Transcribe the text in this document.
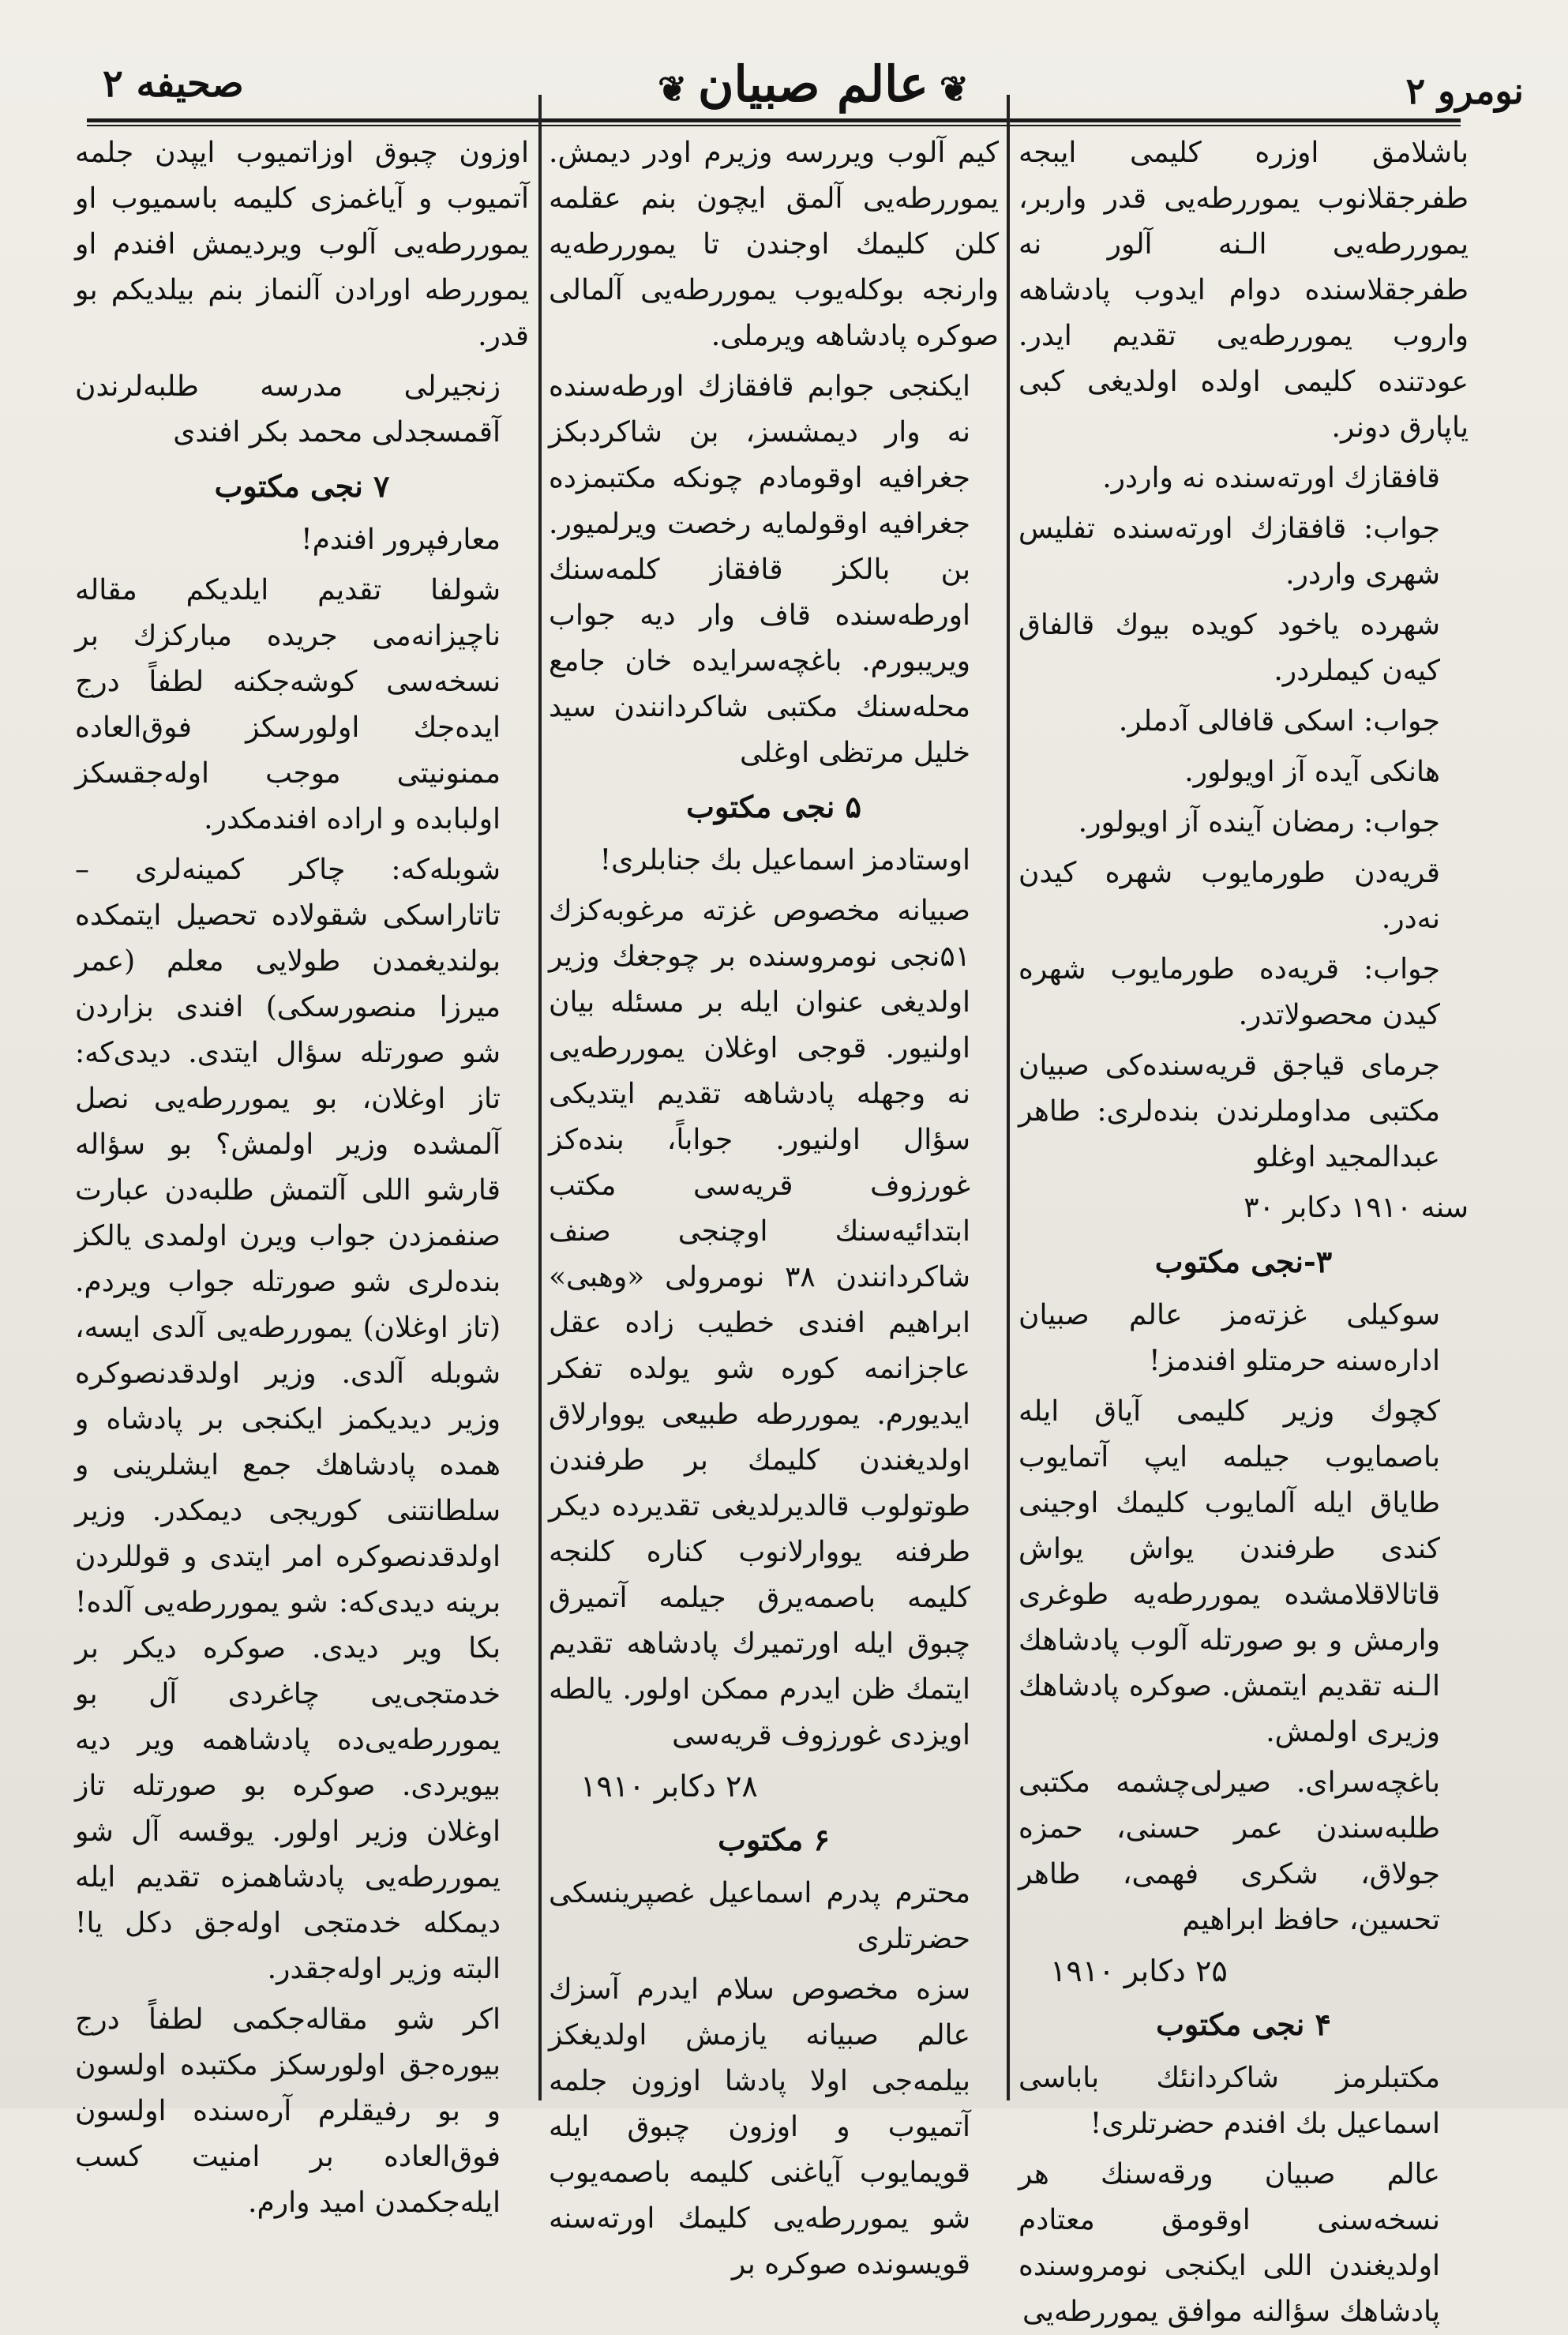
نومرو ۲
❦عالم صبيان❦
صحيفه ۲

باشلامق اوزره كليمى ايبجه طفرجقلانوب يموررطه‌يى قدر واربر، يموررطه‌يى الـنه آلور نه طفرجقلاسنده دوام ايدوب پادشاهه واروب يموررطه‌يى تقديم ايدر. عودتنده كليمى اولده اولديغى كبى ياپارق دونر.

قافقازك اورته‌سنده نه واردر.

جواب: قافقازك اورته‌سنده تفليس شهرى واردر.

شهرده ياخود كويده بيوك قالفاق كيەن كيملردر.

جواب: اسكى قافالى آدملر.

هانكى آيده آز اويولور.

جواب: رمضان آينده آز اويولور.

قريه‌دن طورمايوب شهره كيدن نه‌در.

جواب: قريه‌ده طورمايوب شهره كيدن محصولاتدر.

جرماى قياجق قريه‌سنده‌كى صبيان مكتبى مداوملرندن بنده‌لرى: طاهر عبدالمجيد اوغلو

سنه ۱۹۱۰ دكابر ۳۰

۳-نجى مكتوب

سوكيلى غزته‌مز عالم صبيان اداره‌سنه حرمتلو افندمز!

كچوك وزير كليمى آياق ايله باصمايوب جيلمه ايپ آتمايوب طاياق ايله آلمايوب كليمك اوجينى كندى طرفندن يواش يواش قاتالاقلامشده يموررطه‌يه طوغرى وارمش و بو صورتله آلوب پادشاهك الـنه تقديم ايتمش. صوكره پادشاهك وزيرى اولمش.

باغچه‌سراى. صيرلى‌چشمه مكتبى طلبه‌سندن عمر حسنى، حمزه جولاق، شكرى فهمى، طاهر تحسين، حافظ ابراهيم

۲۵ دكابر ۱۹۱۰

۴ نجى مكتوب

مكتبلرمز شاكردانئك باباسى اسماعيل بك افندم حضرتلرى!

عالم صبيان ورقه‌سنك هر نسخه‌سنى اوقومق معتادم اولديغندن اللى ايكنجى نومروسنده پادشاهك سؤالنه موافق يموررطه‌يى

كيم آلوب ويررسه وزيرم اودر ديمش. يموررطه‌يى آلمق ايچون بنم عقلمه كلن كليمك اوجندن تا يموررطه‌يه وارنجه بوكله‌يوب يموررطه‌يى آلمالى صوكره پادشاهه ويرملى.

ايكنجى جوابم قافقازك اورطه‌سنده نه وار ديمشسز، بن شاكردبكز جغرافيه اوقومادم چونكه مكتبمزده جغرافيه اوقولمايه رخصت ويرلميور. بن بالكز قافقاز كلمه‌سنك اورطه‌سنده قاف وار ديه جواب ويريبورم. باغچه‌سرايده خان جامع محله‌سنك مكتبى شاكردانندن سيد خليل مرتظى اوغلى

۵ نجى مكتوب

اوستادمز اسماعيل بك جنابلرى!

صبيانه مخصوص غزته مرغوبه‌كزك ۵۱نجى نومروسنده بر چوجغك وزير اولديغى عنوان ايله بر مسئله بيان اولنيور. قوجى اوغلان يموررطه‌يى نه وجهله پادشاهه تقديم ايتديكى سؤال اولنيور. جواباً، بنده‌كز غورزوف قريه‌سى مكتب ابتدائيه‌سنك اوچنجى صنف شاكردانندن ۳۸ نومرولى «وهبى» ابراهيم افندى خطيب زاده عقل عاجزانمه كوره شو يولده تفكر ايديورم. يموررطه طبيعى يووارلاق اولديغندن كليمك بر طرفندن طوتولوب قالديرلديغى تقديرده ديكر طرفنه يووارلانوب كناره كلنجه كليمه باصمه‌يرق جيلمه آتميرق چبوق ايله اورتميرك پادشاهه تقديم ايتمك ظن ايدرم ممكن اولور. يالطه اويزدى غورزوف قريه‌سى

۲۸ دكابر ۱۹۱۰

۶ مكتوب

محترم پدرم اسماعيل غصپرينسكى حضرتلرى

سزه مخصوص سلام ايدرم آسزك عالم صبيانه يازمش اولديغكز بيلمه‌جى اولا پادشا اوزون جلمه آتميوب و اوزون چبوق ايله قويمايوب آياغنى كليمه باصمه‌يوب شو يموررطه‌يى كليمك اورته‌سنه قويسونده صوكره بر

اوزون چبوق اوزاتميوب ايپدن جلمه آتميوب و آياغمزى كليمه باسميوب او يموررطه‌يى آلوب ويرديمش افندم او يموررطه اورادن آلنماز بنم بيلديكم بو قدر.

زنجيرلى مدرسه طلبه‌لرندن آقمسجدلى محمد بكر افندى

۷ نجى مكتوب

معارفپرور افندم!

شولفا تقديم ايلديكم مقاله ناچيزانه‌مى جريده مباركزك بر نسخه‌سى كوشه‌جكنه لطفاً درج ايده‌جك اولورسكز فوق‌العاده ممنونيتى موجب اوله‌جقسكز اولبابده و اراده افندمكدر.

شوبله‌كه: چاكر كمينه‌لرى – تاتاراسكى شقولاده تحصيل ايتمكده بولنديغمدن طولايى معلم (عمر ميرزا منصورسكى) افندى بزاردن شو صورتله سؤال ايتدى. ديدى‌كه: تاز اوغلان، بو يموررطه‌يى نصل آلمشده وزير اولمش؟ بو سؤاله قارشو اللى آلتمش طلبه‌دن عبارت صنفمزدن جواب ويرن اولمدى يالكز بنده‌لرى شو صورتله جواب ويردم. (تاز اوغلان) يموررطه‌يى آلدى ايسه، شوبله آلدى. وزير اولدقدنصوكره وزير ديديكمز ايكنجى بر پادشاه و همده پادشاهك جمع ايشلرينى و سلطانتنى كوريجى ديمكدر. وزير اولدقدنصوكره امر ايتدى و قوللردن برينه ديدى‌كه: شو يموررطه‌يى آلده! بكا وير ديدى. صوكره ديكر بر خدمتجى‌يى چاغردى آل بو يموررطه‌يى‌ده پادشاهمه وير ديه بيويردى. صوكره بو صورتله تاز اوغلان وزير اولور. يوقسه آل شو يموررطه‌يى پادشاهمزه تقديم ايله ديمكله خدمتجى اوله‌جق دكل يا! البته وزير اوله‌جقدر.

اكر شو مقاله‌جكمى لطفاً درج بيوره‌جق اولورسكز مكتبده اولسون و بو رفيقلرم آره‌سنده اولسون فوق‌العاده بر امنيت كسب ايله‌جكمدن اميد وارم.
